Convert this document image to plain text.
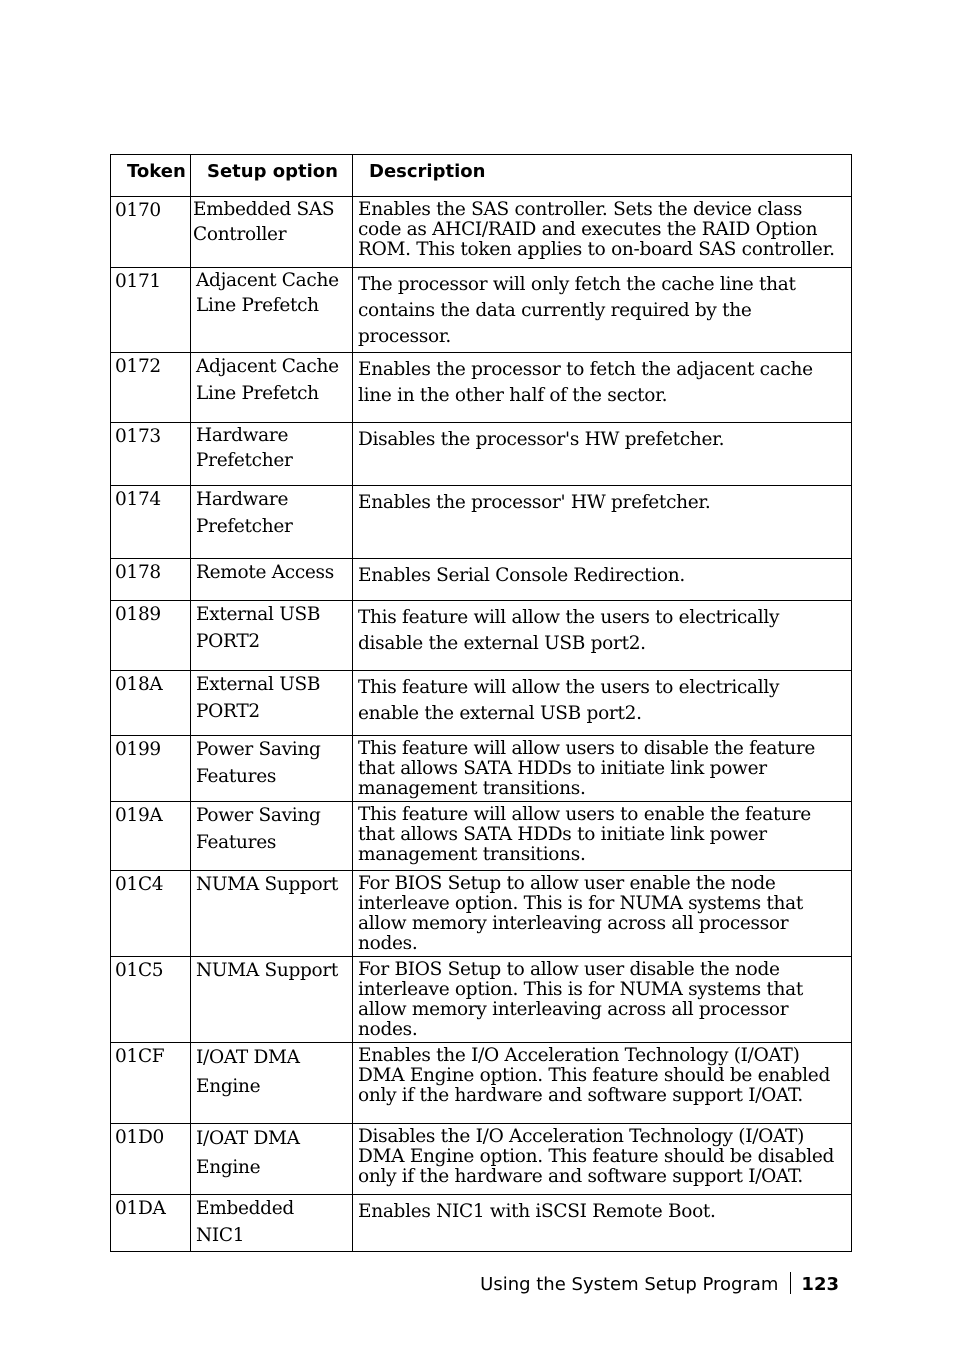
Token	Setup option	Description
0170	Embedded SAS Controller	Enables the SAS controller. Sets the device class code as AHCI/RAID and executes the RAID Option ROM. This token applies to on-board SAS controller.
0171	Adjacent Cache Line Prefetch	The processor will only fetch the cache line that contains the data currently required by the processor.
0172	Adjacent Cache Line Prefetch	Enables the processor to fetch the adjacent cache line in the other half of the sector.
0173	Hardware Prefetcher	Disables the processor's HW prefetcher.
0174	Hardware Prefetcher	Enables the processor' HW prefetcher.
0178	Remote Access	Enables Serial Console Redirection.
0189	External USB PORT2	This feature will allow the users to electrically disable the external USB port2.
018A	External USB PORT2	This feature will allow the users to electrically enable the external USB port2.
0199	Power Saving Features	This feature will allow users to disable the feature that allows SATA HDDs to initiate link power management transitions.
019A	Power Saving Features	This feature will allow users to enable the feature that allows SATA HDDs to initiate link power management transitions.
01C4	NUMA Support	For BIOS Setup to allow user enable the node interleave option. This is for NUMA systems that allow memory interleaving across all processor nodes.
01C5	NUMA Support	For BIOS Setup to allow user disable the node interleave option. This is for NUMA systems that allow memory interleaving across all processor nodes.
01CF	I/OAT DMA Engine	Enables the I/O Acceleration Technology (I/OAT) DMA Engine option. This feature should be enabled only if the hardware and software support I/OAT.
01D0	I/OAT DMA Engine	Disables the I/O Acceleration Technology (I/OAT) DMA Engine option. This feature should be disabled only if the hardware and software support I/OAT.
01DA	Embedded NIC1	Enables NIC1 with iSCSI Remote Boot.
Using the System Setup Program 123
